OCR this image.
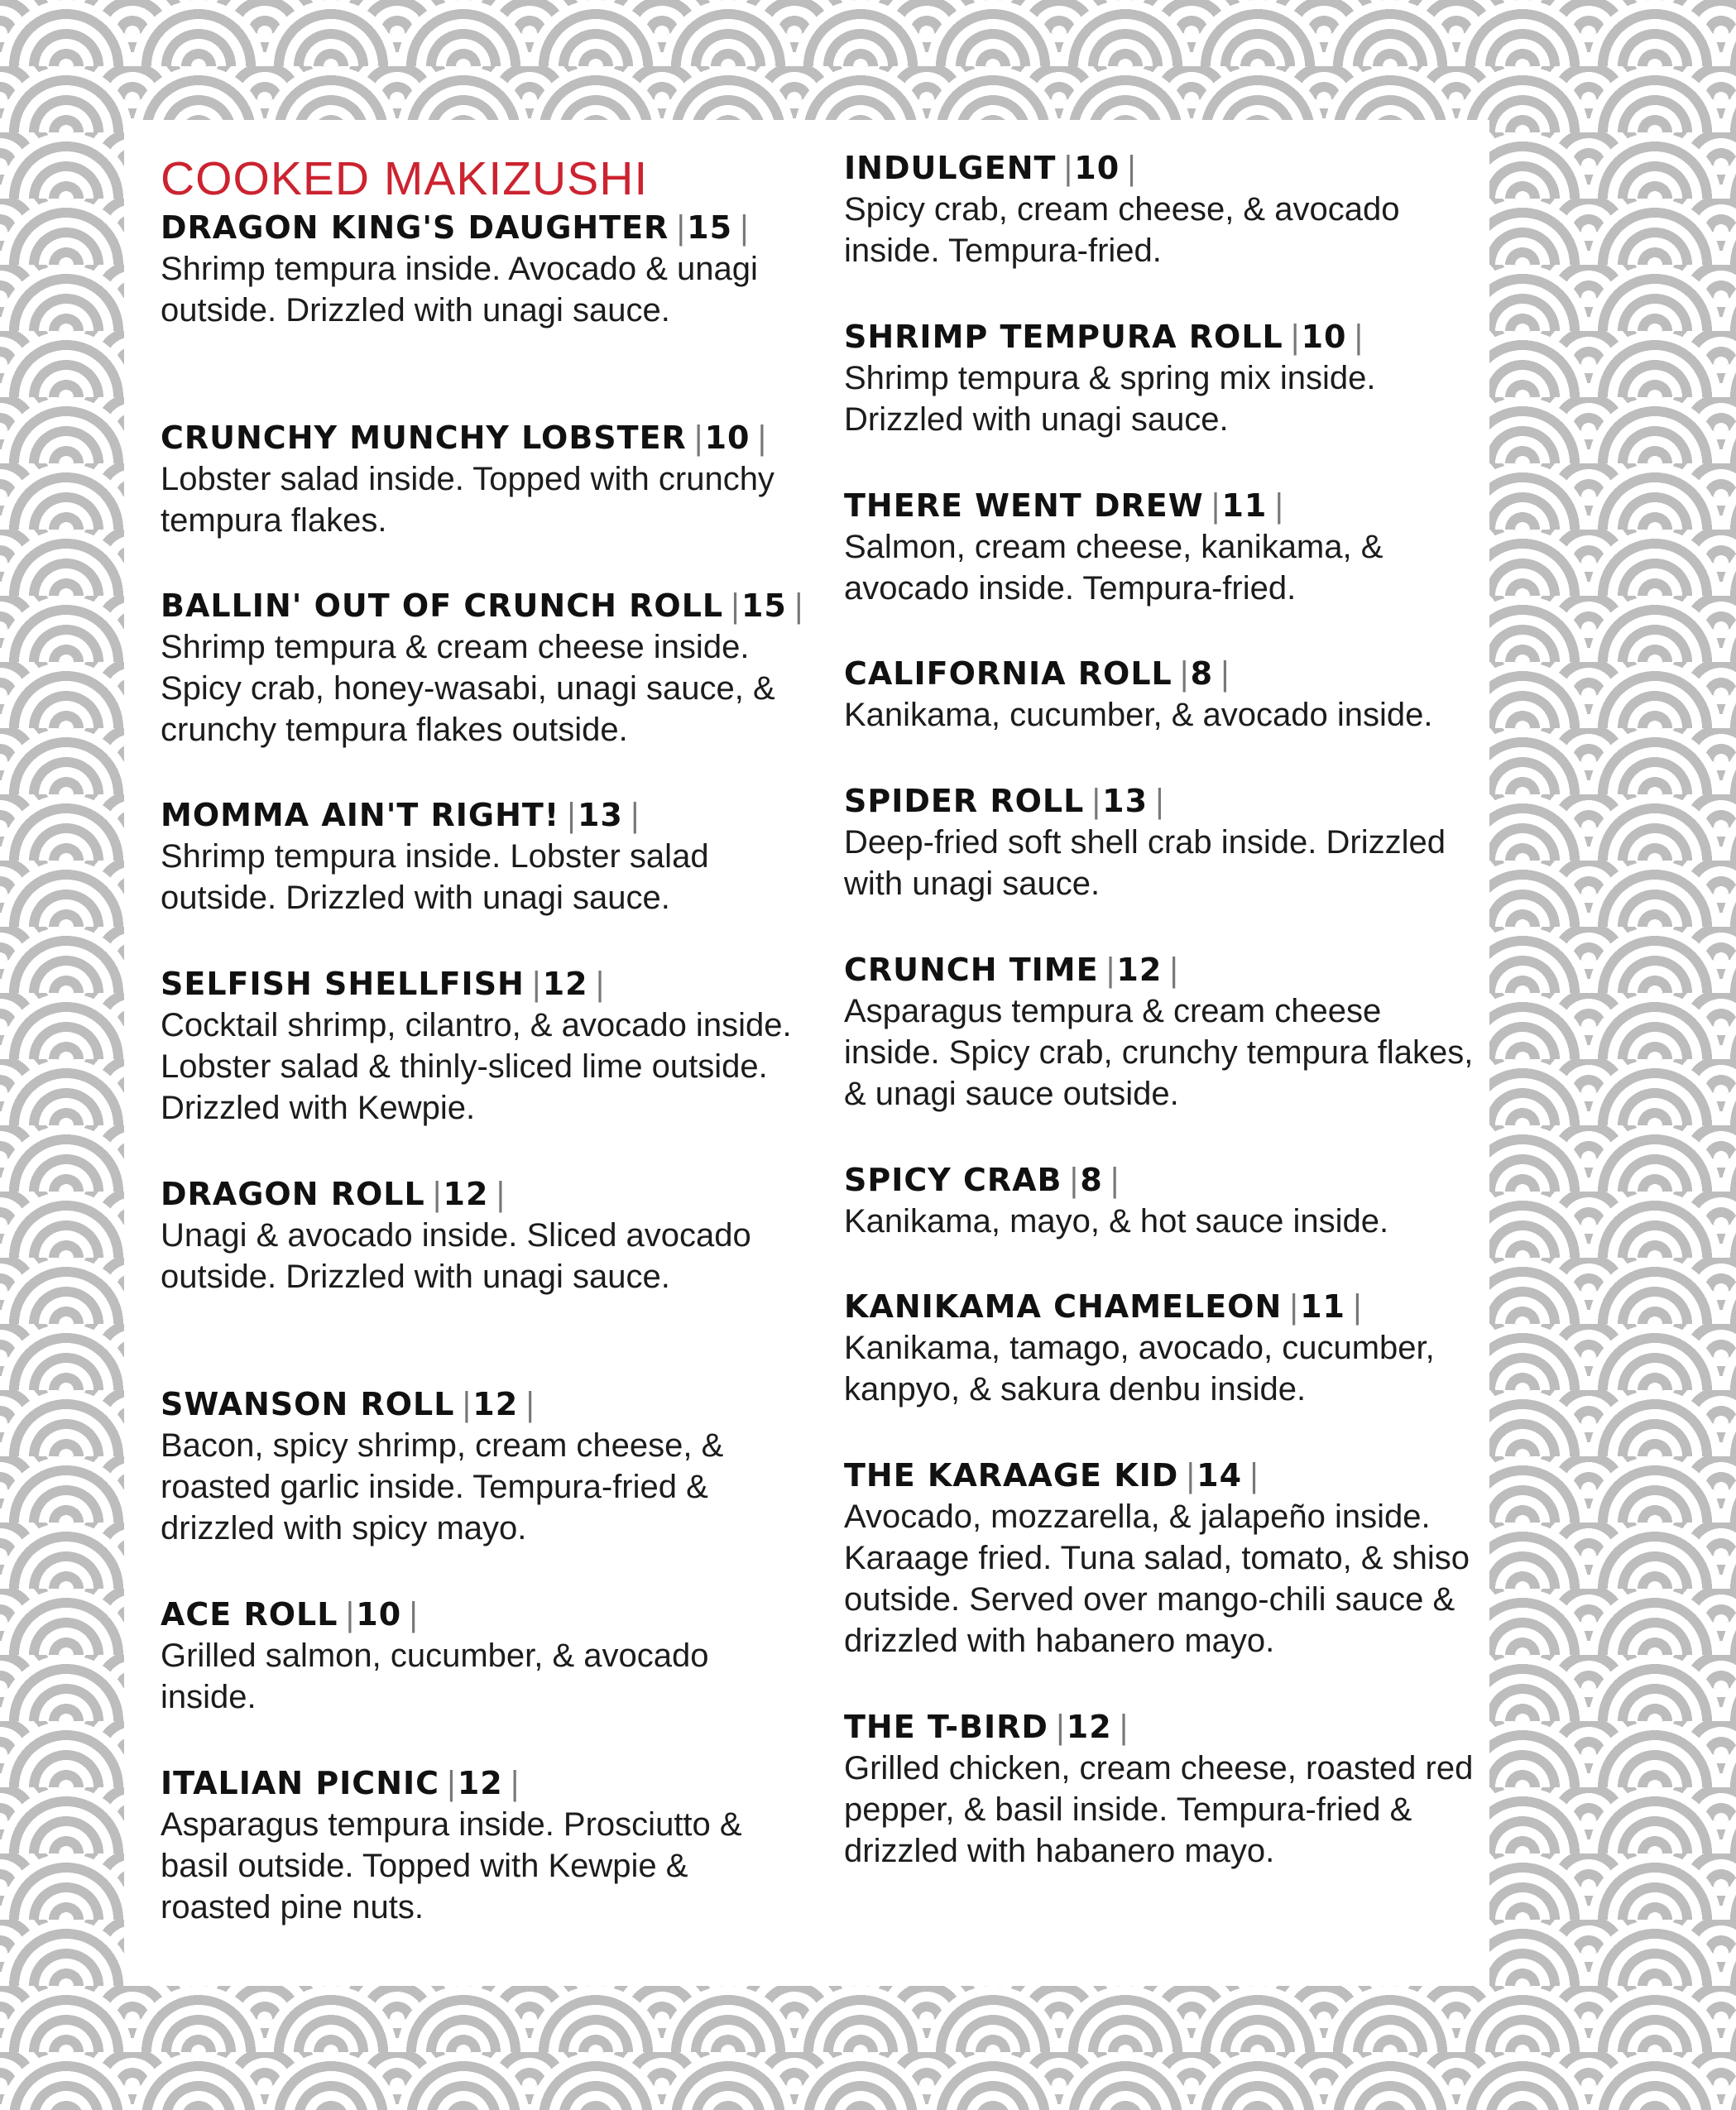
COOKED MAKIZUSHI
DRAGON KING'S DAUGHTER |15 |
Shrimp tempura inside. Avocado & unagi outside. Drizzled with unagi sauce.
CRUNCHY MUNCHY LOBSTER |10 |
Lobster salad inside. Topped with crunchy tempura flakes.
BALLIN' OUT OF CRUNCH ROLL |15 |
Shrimp tempura & cream cheese inside. Spicy crab, honey-wasabi, unagi sauce, & crunchy tempura flakes outside.
MOMMA AIN'T RIGHT! |13 |
Shrimp tempura inside. Lobster salad outside. Drizzled with unagi sauce.
SELFISH SHELLFISH |12 |
Cocktail shrimp, cilantro, & avocado inside. Lobster salad & thinly-sliced lime outside. Drizzled with Kewpie.
DRAGON ROLL |12 |
Unagi & avocado inside. Sliced avocado outside. Drizzled with unagi sauce.
SWANSON ROLL |12 |
Bacon, spicy shrimp, cream cheese, & roasted garlic inside. Tempura-fried & drizzled with spicy mayo.
ACE ROLL |10 |
Grilled salmon, cucumber, & avocado inside.
ITALIAN PICNIC |12 |
Asparagus tempura inside. Prosciutto & basil outside. Topped with Kewpie & roasted pine nuts.
INDULGENT |10 |
Spicy crab, cream cheese, & avocado inside. Tempura-fried.
SHRIMP TEMPURA ROLL |10 |
Shrimp tempura & spring mix inside. Drizzled with unagi sauce.
THERE WENT DREW |11 |
Salmon, cream cheese, kanikama, & avocado inside. Tempura-fried.
CALIFORNIA ROLL |8 |
Kanikama, cucumber, & avocado inside.
SPIDER ROLL |13 |
Deep-fried soft shell crab inside. Drizzled with unagi sauce.
CRUNCH TIME |12 |
Asparagus tempura & cream cheese inside. Spicy crab, crunchy tempura flakes, & unagi sauce outside.
SPICY CRAB |8 |
Kanikama, mayo, & hot sauce inside.
KANIKAMA CHAMELEON |11 |
Kanikama, tamago, avocado, cucumber, kanpyo, & sakura denbu inside.
THE KARAAGE KID |14 |
Avocado, mozzarella, & jalapeño inside. Karaage fried. Tuna salad, tomato, & shiso outside. Served over mango-chili sauce & drizzled with habanero mayo.
THE T-BIRD |12 |
Grilled chicken, cream cheese, roasted red pepper, & basil inside. Tempura-fried & drizzled with habanero mayo.
